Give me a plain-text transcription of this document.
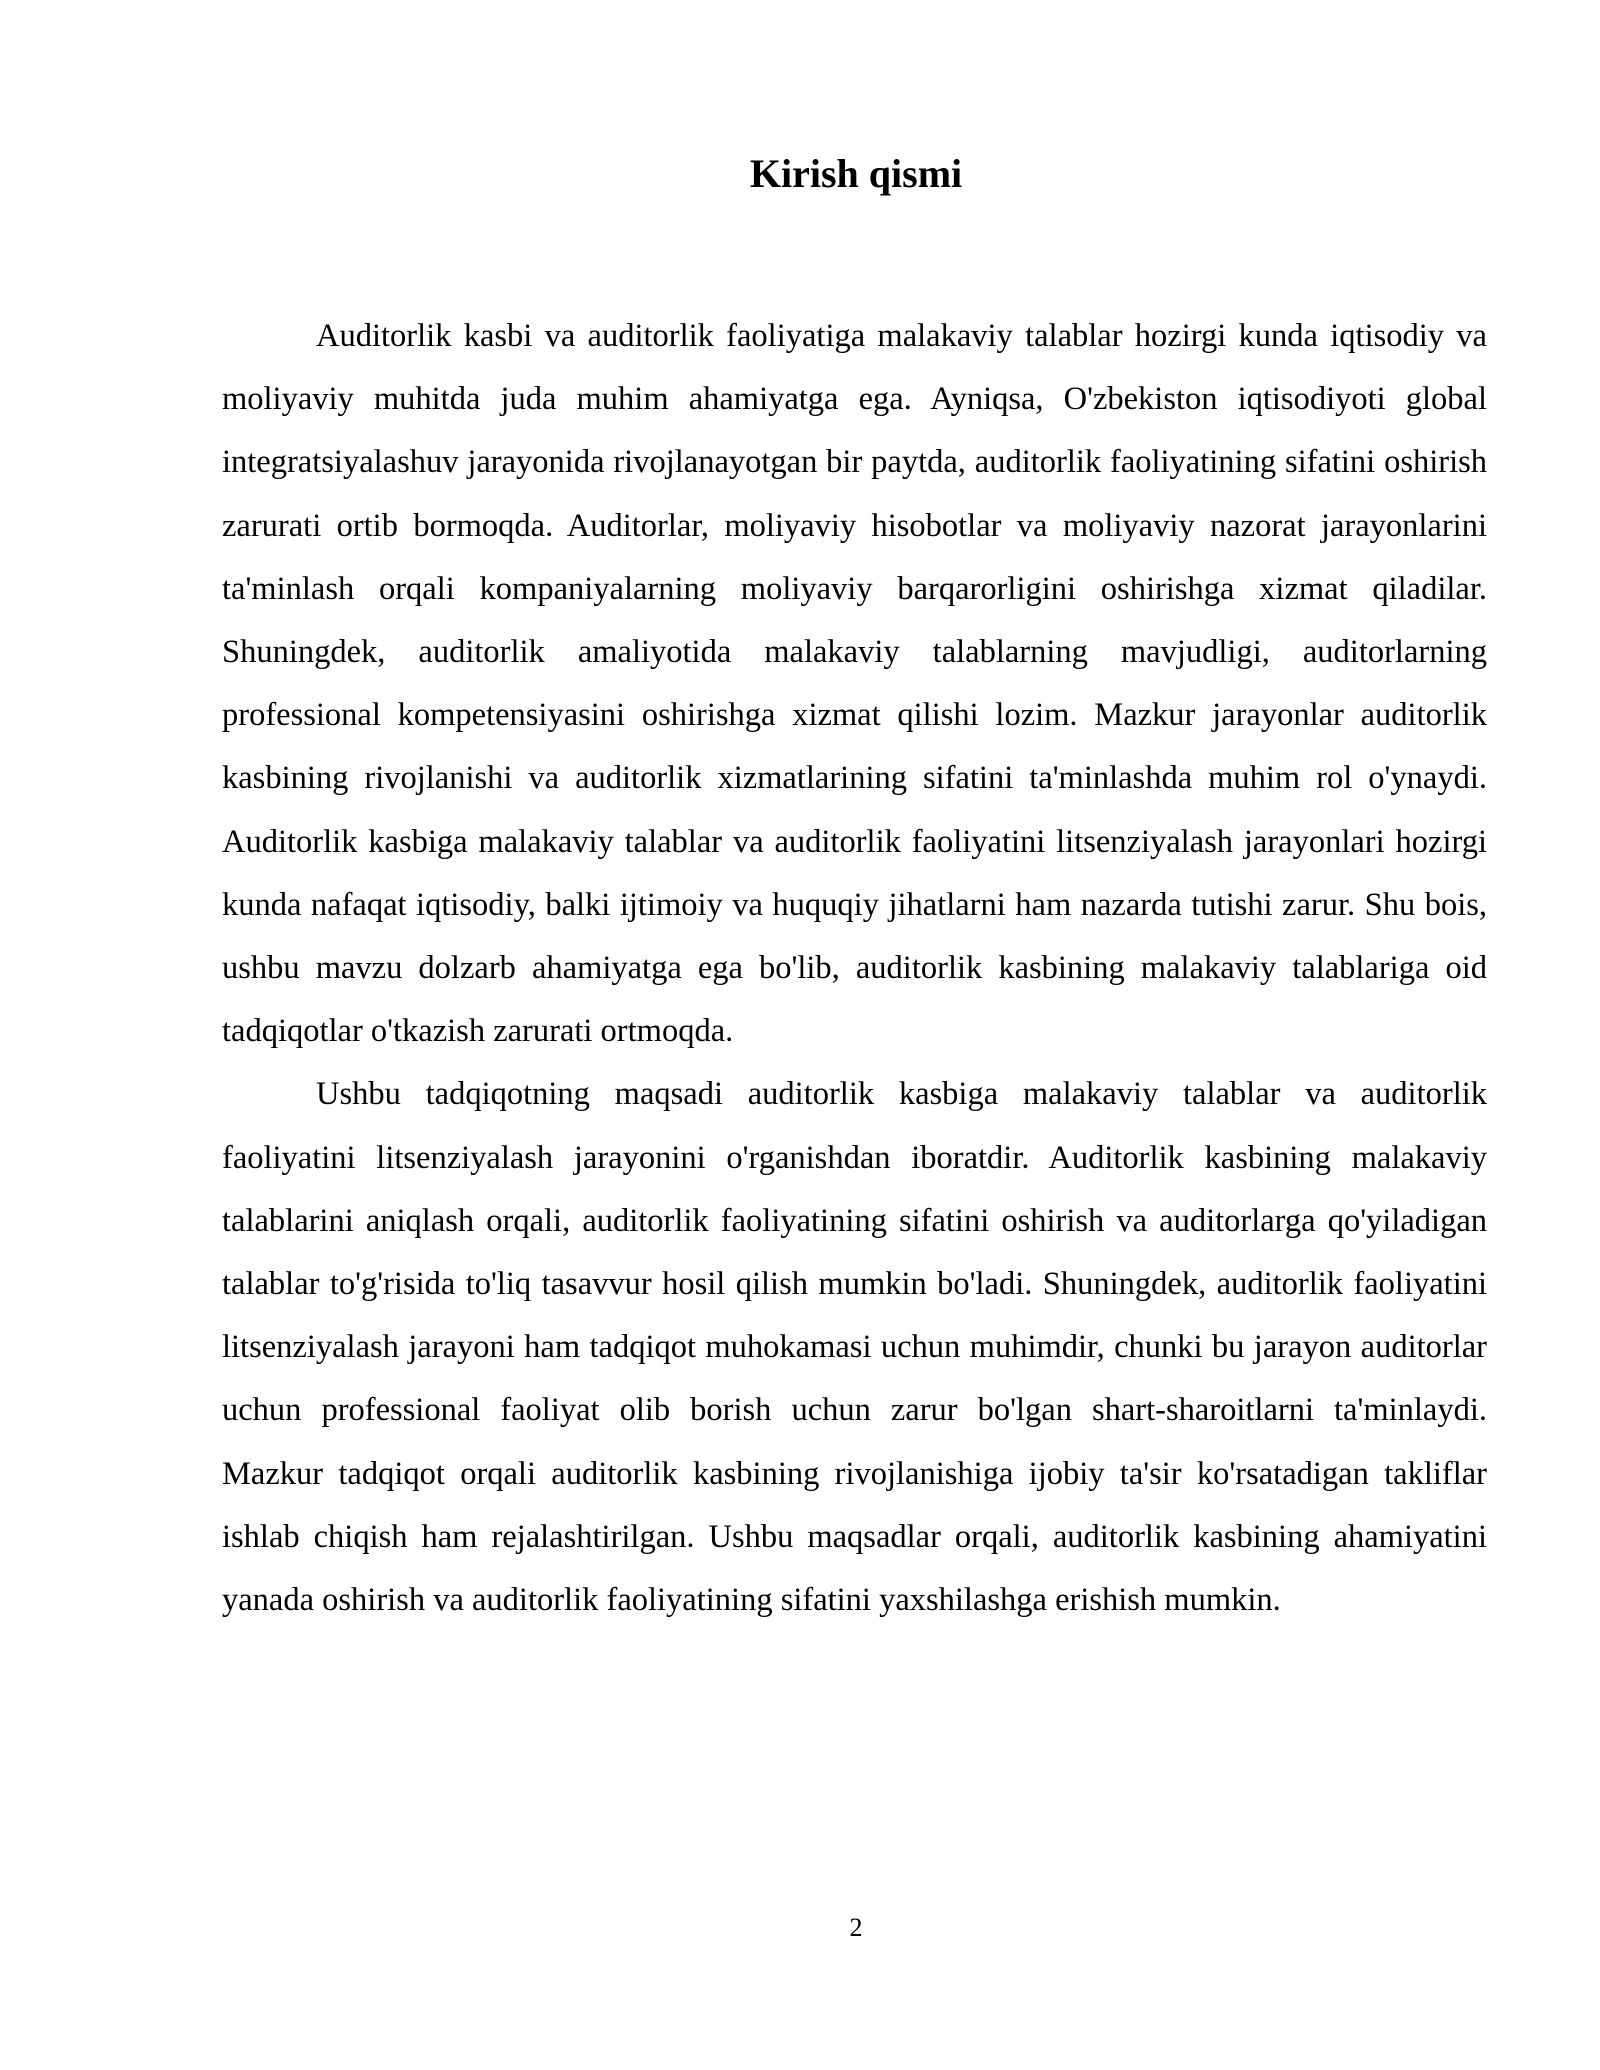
Kirish qismi

Auditorlik kasbi va auditorlik faoliyatiga malakaviy talablar hozirgi kunda iqtisodiy va moliyaviy muhitda juda muhim ahamiyatga ega. Ayniqsa, O'zbekiston iqtisodiyoti global integratsiyalashuv jarayonida rivojlanayotgan bir paytda, auditorlik faoliyatining sifatini oshirish zarurati ortib bormoqda. Auditorlar, moliyaviy hisobotlar va moliyaviy nazorat jarayonlarini ta'minlash orqali kompaniyalarning moliyaviy barqarorligini oshirishga xizmat qiladilar. Shuningdek, auditorlik amaliyotida malakaviy talablarning mavjudligi, auditorlarning professional kompetensiyasini oshirishga xizmat qilishi lozim. Mazkur jarayonlar auditorlik kasbining rivojlanishi va auditorlik xizmatlarining sifatini ta'minlashda muhim rol o'ynaydi. Auditorlik kasbiga malakaviy talablar va auditorlik faoliyatini litsenziyalash jarayonlari hozirgi kunda nafaqat iqtisodiy, balki ijtimoiy va huquqiy jihatlarni ham nazarda tutishi zarur. Shu bois, ushbu mavzu dolzarb ahamiyatga ega bo'lib, auditorlik kasbining malakaviy talablariga oid tadqiqotlar o'tkazish zarurati ortmoqda.

Ushbu tadqiqotning maqsadi auditorlik kasbiga malakaviy talablar va auditorlik faoliyatini litsenziyalash jarayonini o'rganishdan iboratdir. Auditorlik kasbining malakaviy talablarini aniqlash orqali, auditorlik faoliyatining sifatini oshirish va auditorlarga qo'yiladigan talablar to'g'risida to'liq tasavvur hosil qilish mumkin bo'ladi. Shuningdek, auditorlik faoliyatini litsenziyalash jarayoni ham tadqiqot muhokamasi uchun muhimdir, chunki bu jarayon auditorlar uchun professional faoliyat olib borish uchun zarur bo'lgan shart-sharoitlarni ta'minlaydi. Mazkur tadqiqot orqali auditorlik kasbining rivojlanishiga ijobiy ta'sir ko'rsatadigan takliflar ishlab chiqish ham rejalashtirilgan. Ushbu maqsadlar orqali, auditorlik kasbining ahamiyatini yanada oshirish va auditorlik faoliyatining sifatini yaxshilashga erishish mumkin.

2
